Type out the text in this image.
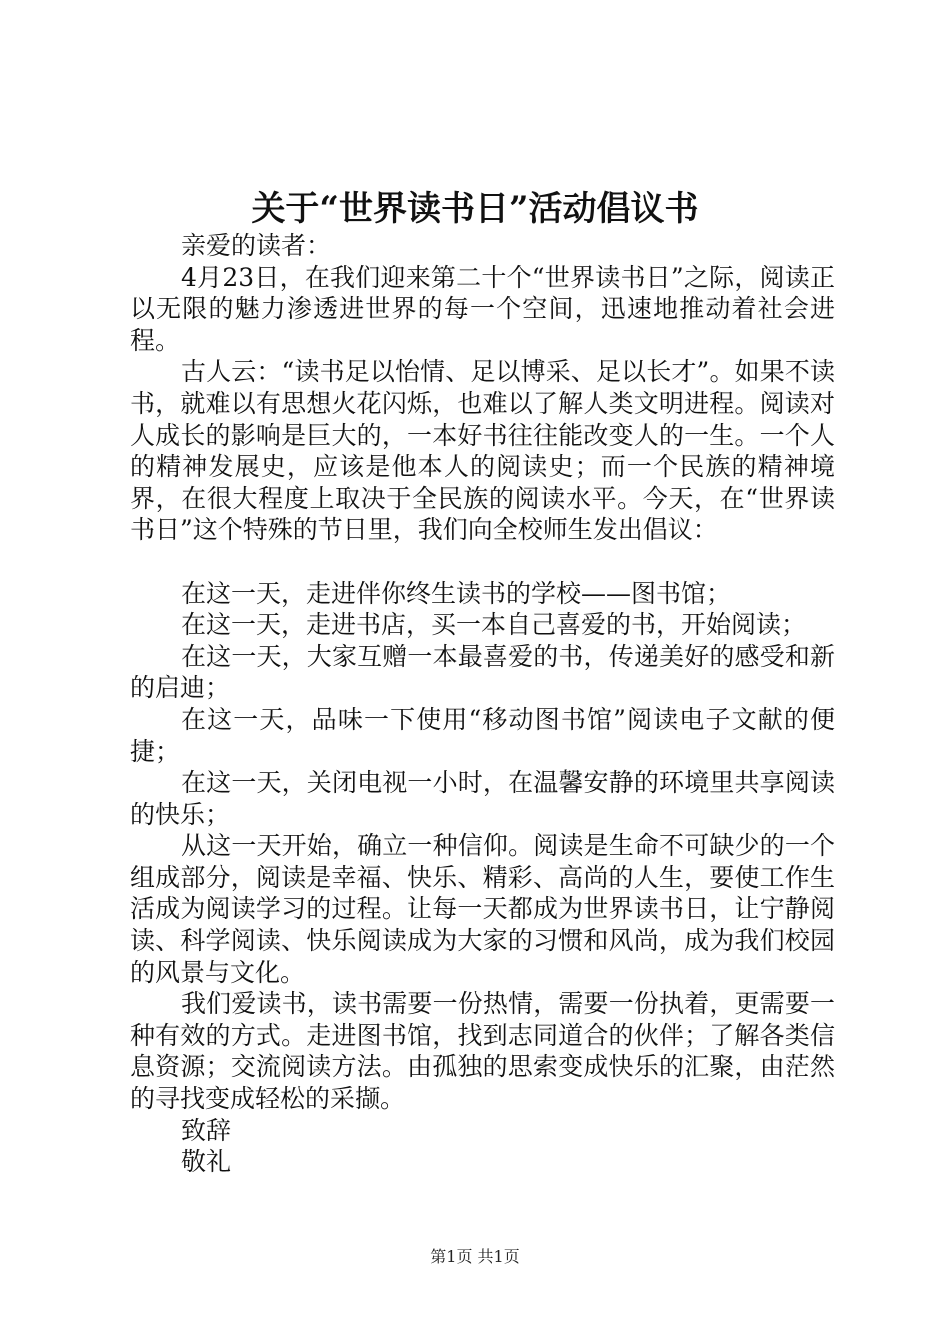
关于“世界读书日”活动倡议书

亲爱的读者：

4月23日，在我们迎来第二十个“世界读书日”之际，阅读正以无限的魅力渗透进世界的每一个空间，迅速地推动着社会进程。

古人云：“读书足以怡情、足以博采、足以长才”。如果不读书，就难以有思想火花闪烁，也难以了解人类文明进程。阅读对人成长的影响是巨大的，一本好书往往能改变人的一生。一个人的精神发展史，应该是他本人的阅读史；而一个民族的精神境界，在很大程度上取决于全民族的阅读水平。今天，在“世界读书日”这个特殊的节日里，我们向全校师生发出倡议：

在这一天，走进伴你终生读书的学校——图书馆；

在这一天，走进书店，买一本自己喜爱的书，开始阅读；

在这一天，大家互赠一本最喜爱的书，传递美好的感受和新的启迪；

在这一天，品味一下使用“移动图书馆”阅读电子文献的便捷；

在这一天，关闭电视一小时，在温馨安静的环境里共享阅读的快乐；

从这一天开始，确立一种信仰。阅读是生命不可缺少的一个组成部分，阅读是幸福、快乐、精彩、高尚的人生，要使工作生活成为阅读学习的过程。让每一天都成为世界读书日，让宁静阅读、科学阅读、快乐阅读成为大家的习惯和风尚，成为我们校园的风景与文化。

我们爱读书，读书需要一份热情，需要一份执着，更需要一种有效的方式。走进图书馆，找到志同道合的伙伴；了解各类信息资源；交流阅读方法。由孤独的思索变成快乐的汇聚，由茫然的寻找变成轻松的采撷。

致辞

敬礼

第1页 共1页
